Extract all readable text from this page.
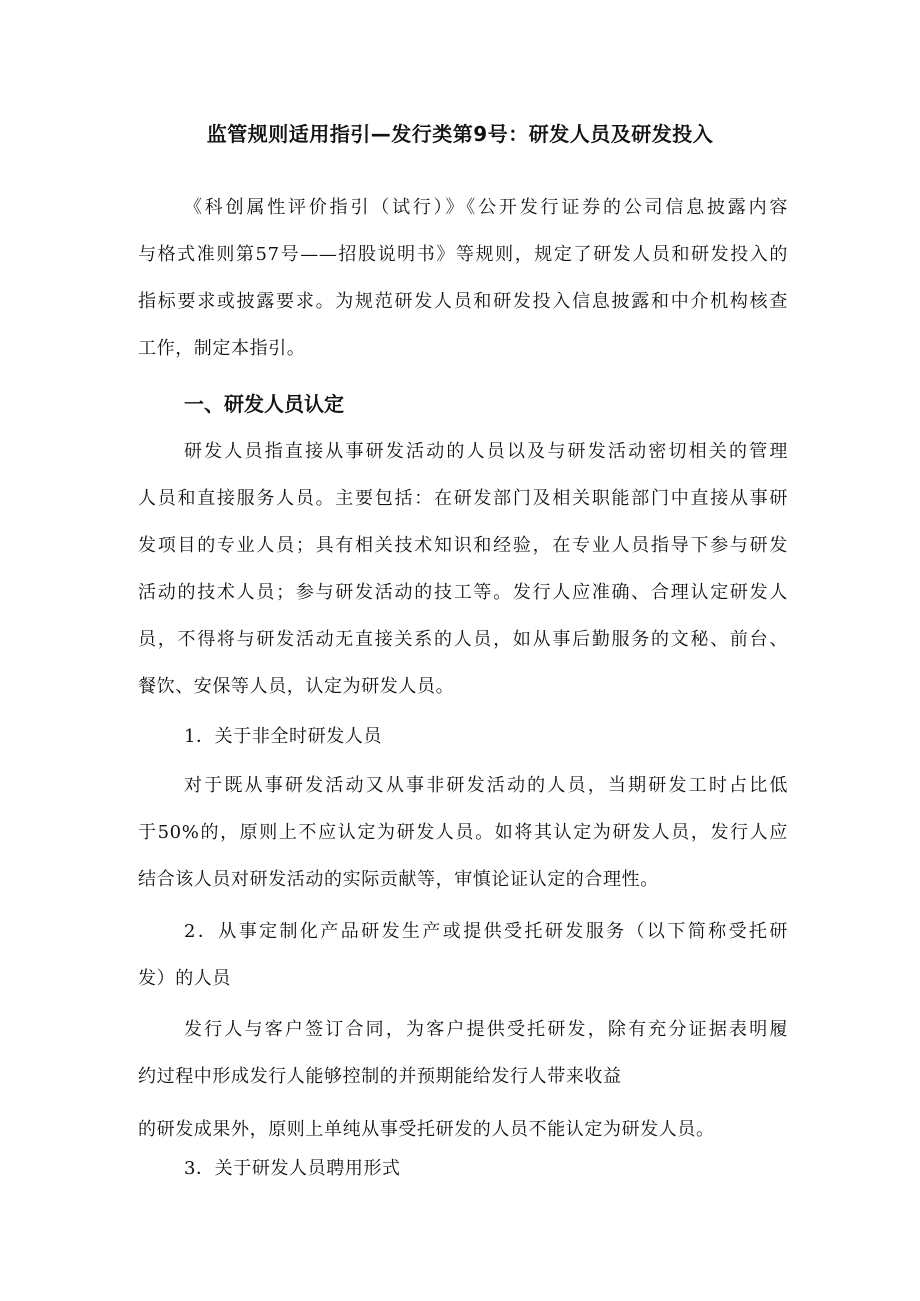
监管规则适用指引—发行类第9号：研发人员及研发投入
《科创属性评价指引（试行）》《公开发行证券的公司信息披露内容
与格式准则第57号——招股说明书》等规则，规定了研发人员和研发投入的
指标要求或披露要求。为规范研发人员和研发投入信息披露和中介机构核查
工作，制定本指引。
一、研发人员认定
研发人员指直接从事研发活动的人员以及与研发活动密切相关的管理
人员和直接服务人员。主要包括：在研发部门及相关职能部门中直接从事研
发项目的专业人员；具有相关技术知识和经验，在专业人员指导下参与研发
活动的技术人员；参与研发活动的技工等。发行人应准确、合理认定研发人
员，不得将与研发活动无直接关系的人员，如从事后勤服务的文秘、前台、
餐饮、安保等人员，认定为研发人员。
1．关于非全时研发人员
对于既从事研发活动又从事非研发活动的人员，当期研发工时占比低
于50%的，原则上不应认定为研发人员。如将其认定为研发人员，发行人应
结合该人员对研发活动的实际贡献等，审慎论证认定的合理性。
2．从事定制化产品研发生产或提供受托研发服务（以下简称受托研
发）的人员
发行人与客户签订合同，为客户提供受托研发，除有充分证据表明履
约过程中形成发行人能够控制的并预期能给发行人带来收益
的研发成果外，原则上单纯从事受托研发的人员不能认定为研发人员。
3．关于研发人员聘用形式
